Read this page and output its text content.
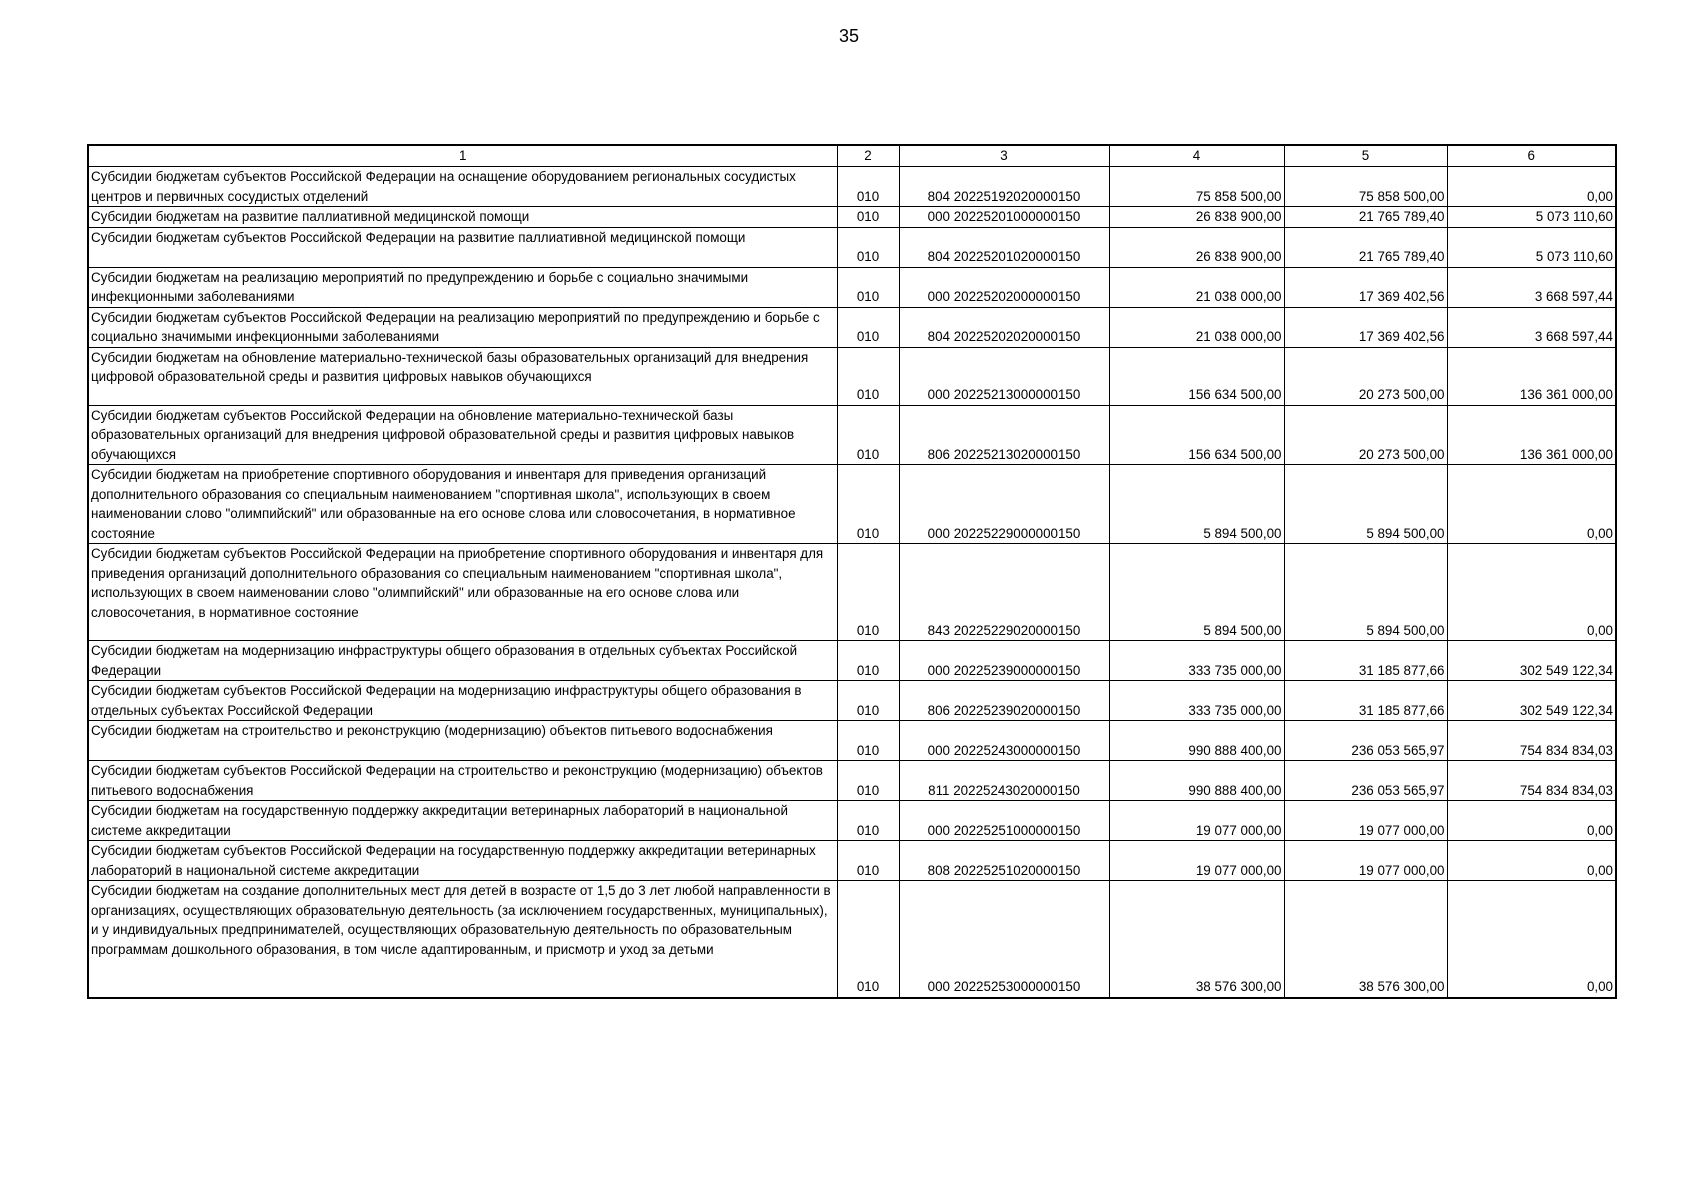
35
1	2	3	4	5	6
Субсидии бюджетам субъектов Российской Федерации на оснащение оборудованием региональных сосудистых центров и первичных сосудистых отделений	010	804 20225192020000150	75 858 500,00	75 858 500,00	0,00
Субсидии бюджетам на развитие паллиативной медицинской помощи	010	000 20225201000000150	26 838 900,00	21 765 789,40	5 073 110,60
Субсидии бюджетам субъектов Российской Федерации на развитие паллиативной медицинской помощи	010	804 20225201020000150	26 838 900,00	21 765 789,40	5 073 110,60
Субсидии бюджетам на реализацию мероприятий по предупреждению и борьбе с социально значимыми инфекционными заболеваниями	010	000 20225202000000150	21 038 000,00	17 369 402,56	3 668 597,44
Субсидии бюджетам субъектов Российской Федерации на реализацию мероприятий по предупреждению и борьбе с социально значимыми инфекционными заболеваниями	010	804 20225202020000150	21 038 000,00	17 369 402,56	3 668 597,44
Субсидии бюджетам на обновление материально-технической базы образовательных организаций для внедрения цифровой образовательной среды и развития цифровых навыков обучающихся	010	000 20225213000000150	156 634 500,00	20 273 500,00	136 361 000,00
Субсидии бюджетам субъектов Российской Федерации на обновление материально-технической базы образовательных организаций для внедрения цифровой образовательной среды и развития цифровых навыков обучающихся	010	806 20225213020000150	156 634 500,00	20 273 500,00	136 361 000,00
Субсидии бюджетам на приобретение спортивного оборудования и инвентаря для приведения организаций дополнительного образования со специальным наименованием "спортивная школа", использующих в своем наименовании слово "олимпийский" или образованные на его основе слова или словосочетания, в нормативное состояние	010	000 20225229000000150	5 894 500,00	5 894 500,00	0,00
Субсидии бюджетам субъектов Российской Федерации на приобретение спортивного оборудования и инвентаря для приведения организаций дополнительного образования со специальным наименованием "спортивная школа", использующих в своем наименовании слово "олимпийский" или образованные на его основе слова или словосочетания, в нормативное состояние	010	843 20225229020000150	5 894 500,00	5 894 500,00	0,00
Субсидии бюджетам на модернизацию инфраструктуры общего образования в отдельных субъектах Российской Федерации	010	000 20225239000000150	333 735 000,00	31 185 877,66	302 549 122,34
Субсидии бюджетам субъектов Российской Федерации на модернизацию инфраструктуры общего образования в отдельных субъектах Российской Федерации	010	806 20225239020000150	333 735 000,00	31 185 877,66	302 549 122,34
Субсидии бюджетам на строительство и реконструкцию (модернизацию) объектов питьевого водоснабжения	010	000 20225243000000150	990 888 400,00	236 053 565,97	754 834 834,03
Субсидии бюджетам субъектов Российской Федерации на строительство и реконструкцию (модернизацию) объектов питьевого водоснабжения	010	811 20225243020000150	990 888 400,00	236 053 565,97	754 834 834,03
Субсидии бюджетам на государственную поддержку аккредитации ветеринарных лабораторий в национальной системе аккредитации	010	000 20225251000000150	19 077 000,00	19 077 000,00	0,00
Субсидии бюджетам субъектов Российской Федерации на государственную поддержку аккредитации ветеринарных лабораторий в национальной системе аккредитации	010	808 20225251020000150	19 077 000,00	19 077 000,00	0,00
Субсидии бюджетам на создание дополнительных мест для детей в возрасте от 1,5 до 3 лет любой направленности в организациях, осуществляющих образовательную деятельность (за исключением государственных, муниципальных), и у индивидуальных предпринимателей, осуществляющих образовательную деятельность по образовательным программам дошкольного образования, в том числе адаптированным, и присмотр и уход за детьми	010	000 20225253000000150	38 576 300,00	38 576 300,00	0,00
